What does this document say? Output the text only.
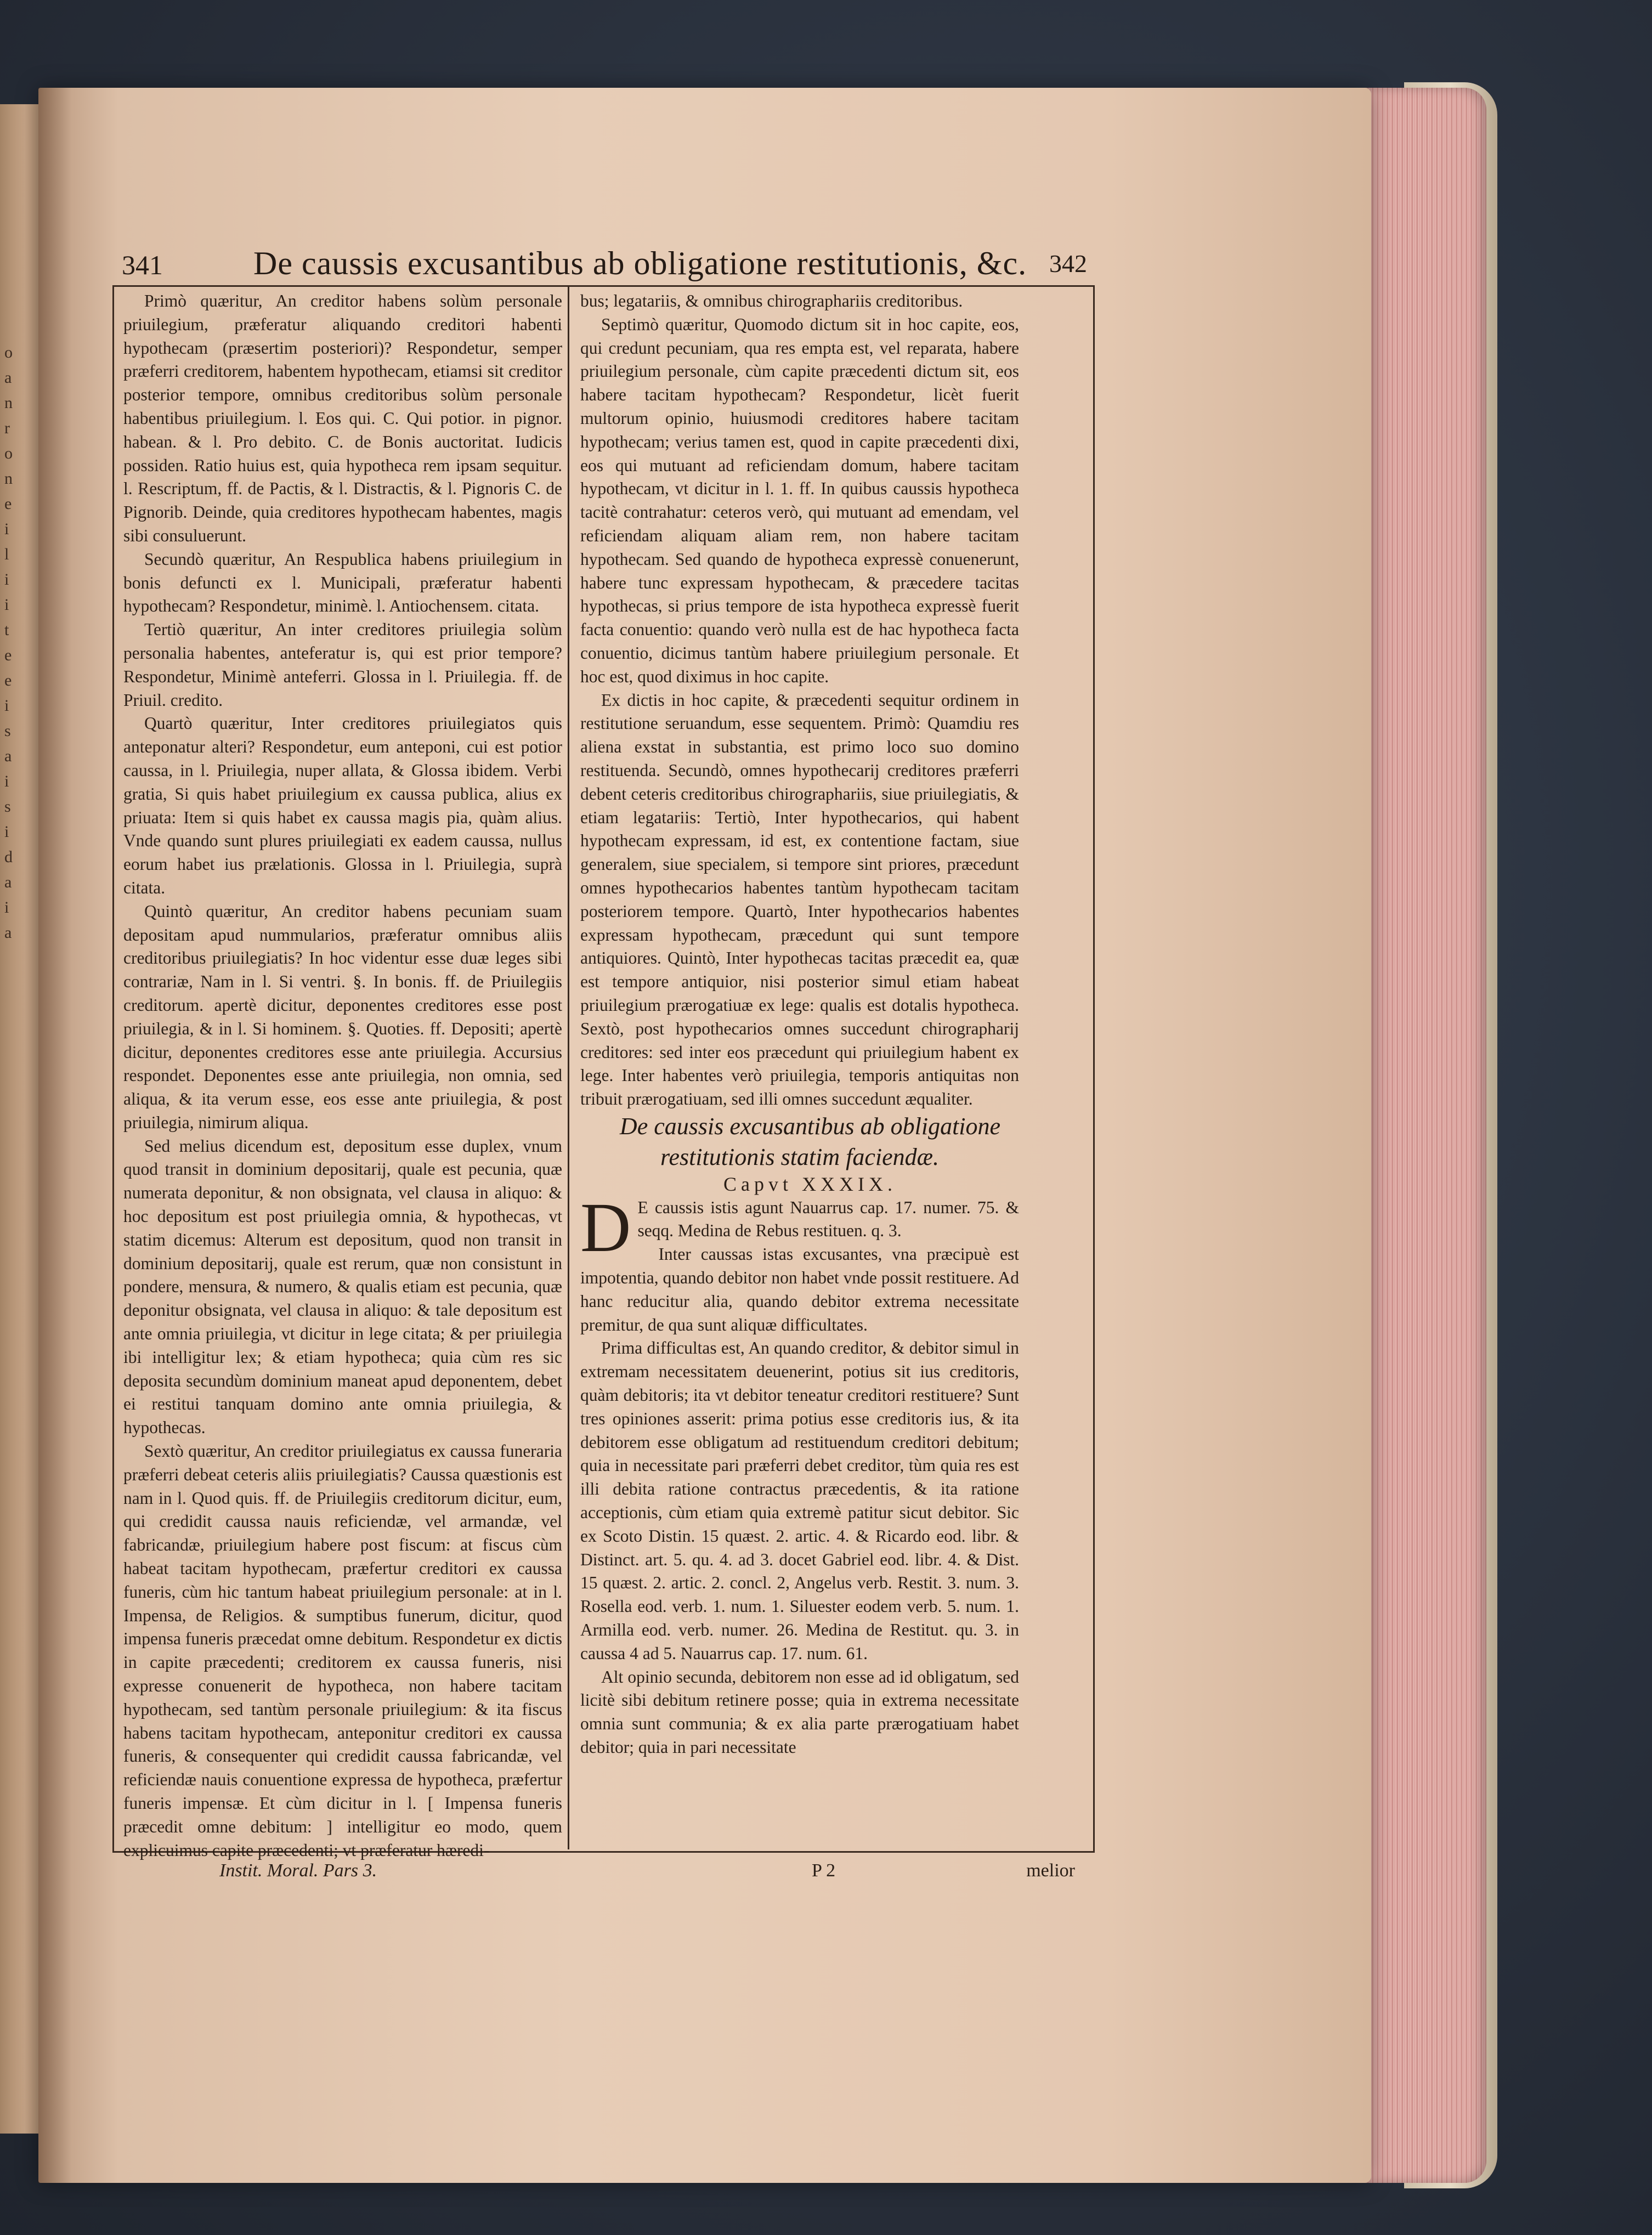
o
a
n
r
o
n
e
i
l
i
i
t
e
e
i
s
a
i
s
i
d
a
i
a
341	De caussis excusantibus ab obligatione restitutionis, &c. 342

Primò quæritur, An creditor habens solùm personale priuilegium, præferatur aliquando creditori habenti hypothecam (præsertim posteriori)? Respondetur, semper præferri creditorem, habentem hypothecam, etiamsi sit creditor posterior tempore, omnibus creditoribus solùm personale habentibus priuilegium. l. Eos qui. C. Qui potior. in pignor. habean. & l. Pro debito. C. de Bonis auctoritat. Iudicis possiden. Ratio huius est, quia hypotheca rem ipsam sequitur. l. Rescriptum, ff. de Pactis, & l. Distractis, & l. Pignoris C. de Pignorib. Deinde, quia creditores hypothecam habentes, magis sibi consuluerunt.

Secundò quæritur, An Respublica habens priuilegium in bonis defuncti ex l. Municipali, præferatur habenti hypothecam? Respondetur, minimè. l. Antiochensem. citata.

Tertiò quæritur, An inter creditores priuilegia solùm personalia habentes, anteferatur is, qui est prior tempore? Respondetur, Minimè anteferri. Glossa in l. Priuilegia. ff. de Priuil. credito.

Quartò quæritur, Inter creditores priuilegiatos quis anteponatur alteri? Respondetur, eum anteponi, cui est potior caussa, in l. Priuilegia, nuper allata, & Glossa ibidem. Verbi gratia, Si quis habet priuilegium ex caussa publica, alius ex priuata: Item si quis habet ex caussa magis pia, quàm alius. Vnde quando sunt plures priuilegiati ex eadem caussa, nullus eorum habet ius prælationis. Glossa in l. Priuilegia, suprà citata.

Quintò quæritur, An creditor habens pecuniam suam depositam apud nummularios, præferatur omnibus aliis creditoribus priuilegiatis? In hoc videntur esse duæ leges sibi contrariæ, Nam in l. Si ventri. §. In bonis. ff. de Priuilegiis creditorum. apertè dicitur, deponentes creditores esse post priuilegia, & in l. Si hominem. §. Quoties. ff. Depositi; apertè dicitur, deponentes creditores esse ante priuilegia. Accursius respondet. Deponentes esse ante priuilegia, non omnia, sed aliqua, & ita verum esse, eos esse ante priuilegia, & post priuilegia, nimirum aliqua.

Sed melius dicendum est, depositum esse duplex, vnum quod transit in dominium depositarij, quale est pecunia, quæ numerata deponitur, & non obsignata, vel clausa in aliquo: & hoc depositum est post priuilegia omnia, & hypothecas, vt statim dicemus: Alterum est depositum, quod non transit in dominium depositarij, quale est rerum, quæ non consistunt in pondere, mensura, & numero, & qualis etiam est pecunia, quæ deponitur obsignata, vel clausa in aliquo: & tale depositum est ante omnia priuilegia, vt dicitur in lege citata; & per priuilegia ibi intelligitur lex; & etiam hypotheca; quia cùm res sic deposita secundùm dominium maneat apud deponentem, debet ei restitui tanquam domino ante omnia priuilegia, & hypothecas.

Sextò quæritur, An creditor priuilegiatus ex caussa funeraria præferri debeat ceteris aliis priuilegiatis? Caussa quæstionis est nam in l. Quod quis. ff. de Priuilegiis creditorum dicitur, eum, qui credidit caussa nauis reficiendæ, vel armandæ, vel fabricandæ, priuilegium habere post fiscum: at fiscus cùm habeat tacitam hypothecam, præfertur creditori ex caussa funeris, cùm hic tantum habeat priuilegium personale: at in l. Impensa, de Religios. & sumptibus funerum, dicitur, quod impensa funeris præcedat omne debitum. Respondetur ex dictis in capite præcedenti; creditorem ex caussa funeris, nisi expresse conuenerit de hypotheca, non habere tacitam hypothecam, sed tantùm personale priuilegium: & ita fiscus habens tacitam hypothecam, anteponitur creditori ex caussa funeris, & consequenter qui credidit caussa fabricandæ, vel reficiendæ nauis conuentione expressa de hypotheca, præfertur funeris impensæ. Et cùm dicitur in l. [ Impensa funeris præcedit omne debitum: ] intelligitur eo modo, quem explicuimus capite præcedenti; vt præferatur hæredi-

bus; legatariis, & omnibus chirographariis creditoribus.

Septimò quæritur, Quomodo dictum sit in hoc capite, eos, qui credunt pecuniam, qua res empta est, vel reparata, habere priuilegium personale, cùm capite præcedenti dictum sit, eos habere tacitam hypothecam? Respondetur, licèt fuerit multorum opinio, huiusmodi creditores habere tacitam hypothecam; verius tamen est, quod in capite præcedenti dixi, eos qui mutuant ad reficiendam domum, habere tacitam hypothecam, vt dicitur in l. 1. ff. In quibus caussis hypotheca tacitè contrahatur: ceteros verò, qui mutuant ad emendam, vel reficiendam aliquam aliam rem, non habere tacitam hypothecam. Sed quando de hypotheca expressè conuenerunt, habere tunc expressam hypothecam, & præcedere tacitas hypothecas, si prius tempore de ista hypotheca expressè fuerit facta conuentio: quando verò nulla est de hac hypotheca facta conuentio, dicimus tantùm habere priuilegium personale. Et hoc est, quod diximus in hoc capite.

Ex dictis in hoc capite, & præcedenti sequitur ordinem in restitutione seruandum, esse sequentem. Primò: Quamdiu res aliena exstat in substantia, est primo loco suo domino restituenda. Secundò, omnes hypothecarij creditores præferri debent ceteris creditoribus chirographariis, siue priuilegiatis, & etiam legatariis: Tertiò, Inter hypothecarios, qui habent hypothecam expressam, id est, ex contentione factam, siue generalem, siue specialem, si tempore sint priores, præcedunt omnes hypothecarios habentes tantùm hypothecam tacitam posteriorem tempore. Quartò, Inter hypothecarios habentes expressam hypothecam, præcedunt qui sunt tempore antiquiores. Quintò, Inter hypothecas tacitas præcedit ea, quæ est tempore antiquior, nisi posterior simul etiam habeat priuilegium prærogatiuæ ex lege: qualis est dotalis hypotheca. Sextò, post hypothecarios omnes succedunt chirographarij creditores: sed inter eos præcedunt qui priuilegium habent ex lege. Inter habentes verò priuilegia, temporis antiquitas non tribuit prærogatiuam, sed illi omnes succedunt æqualiter.

De caussis excusantibus ab obligatione restitutionis statim faciendæ.

Capvt XXXIX.

D E caussis istis agunt Nauarrus cap. 17. numer. 75. & seqq. Medina de Rebus restituen. q. 3.

Inter caussas istas excusantes, vna præcipuè est impotentia, quando debitor non habet vnde possit restituere. Ad hanc reducitur alia, quando debitor extrema necessitate premitur, de qua sunt aliquæ difficultates.

Prima difficultas est, An quando creditor, & debitor simul in extremam necessitatem deuenerint, potius sit ius creditoris, quàm debitoris; ita vt debitor teneatur creditori restituere? Sunt tres opiniones asserit: prima potius esse creditoris ius, & ita debitorem esse obligatum ad restituendum creditori debitum; quia in necessitate pari præferri debet creditor, tùm quia res est illi debita ratione contractus præcedentis, & ita ratione acceptionis, cùm etiam quia extremè patitur sicut debitor. Sic ex Scoto Distin. 15 quæst. 2. artic. 4. & Ricardo eod. libr. & Distinct. art. 5. qu. 4. ad 3. docet Gabriel eod. libr. 4. & Dist. 15 quæst. 2. artic. 2. concl. 2, Angelus verb. Restit. 3. num. 3. Rosella eod. verb. 1. num. 1. Siluester eodem verb. 5. num. 1. Armilla eod. verb. numer. 26. Medina de Restitut. qu. 3. in caussa 4 ad 5. Nauarrus cap. 17. num. 61.

Alt opinio secunda, debitorem non esse ad id obligatum, sed licitè sibi debitum retinere posse; quia in extrema necessitate omnia sunt communia; & ex alia parte prærogatiuam habet debitor; quia in pari necessitate

Instit. Moral. Pars 3.	P 2	melior
